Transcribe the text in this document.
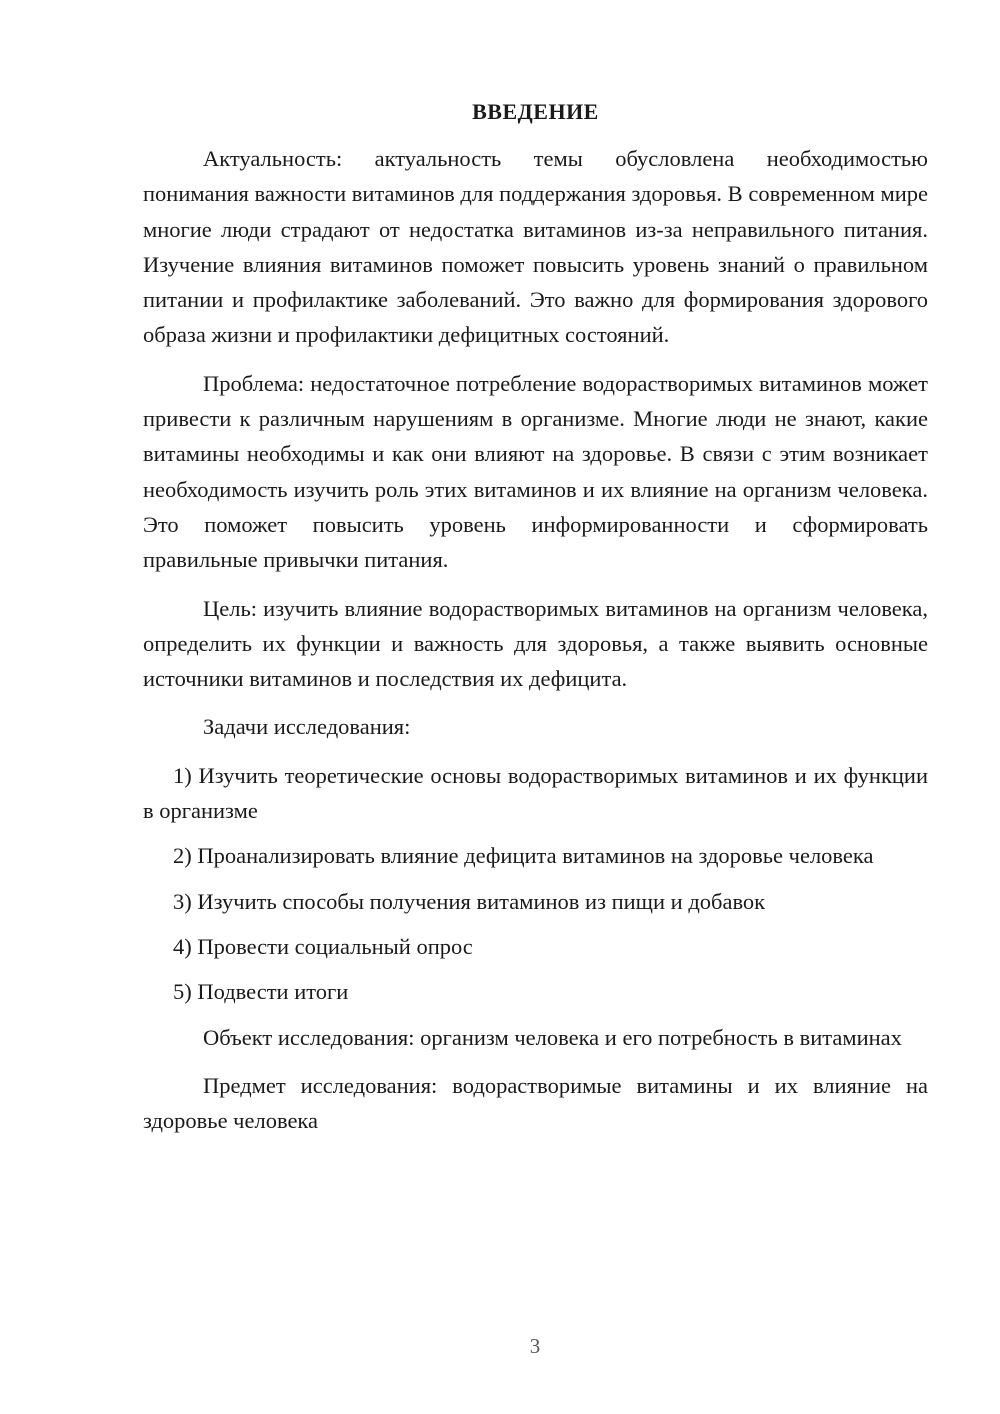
ВВЕДЕНИЕ

Актуальность: актуальность темы обусловлена необходимостью понимания важности витаминов для поддержания здоровья. В современном мире многие люди страдают от недостатка витаминов из-за неправильного питания. Изучение влияния витаминов поможет повысить уровень знаний о правильном питании и профилактике заболеваний. Это важно для формирования здорового образа жизни и профилактики дефицитных состояний.

Проблема: недостаточное потребление водорастворимых витаминов может привести к различным нарушениям в организме. Многие люди не знают, какие витамины необходимы и как они влияют на здоровье. В связи с этим возникает необходимость изучить роль этих витаминов и их влияние на организм человека. Это поможет повысить уровень информированности и сформировать правильные привычки питания.

Цель: изучить влияние водорастворимых витаминов на организм человека, определить их функции и важность для здоровья, а также выявить основные источники витаминов и последствия их дефицита.

Задачи исследования:

1) Изучить теоретические основы водорастворимых витаминов и их функции в организме

2) Проанализировать влияние дефицита витаминов на здоровье человека

3) Изучить способы получения витаминов из пищи и добавок

4) Провести социальный опрос

5) Подвести итоги

Объект исследования: организм человека и его потребность в витаминах

Предмет исследования: водорастворимые витамины и их влияние на здоровье человека

3
